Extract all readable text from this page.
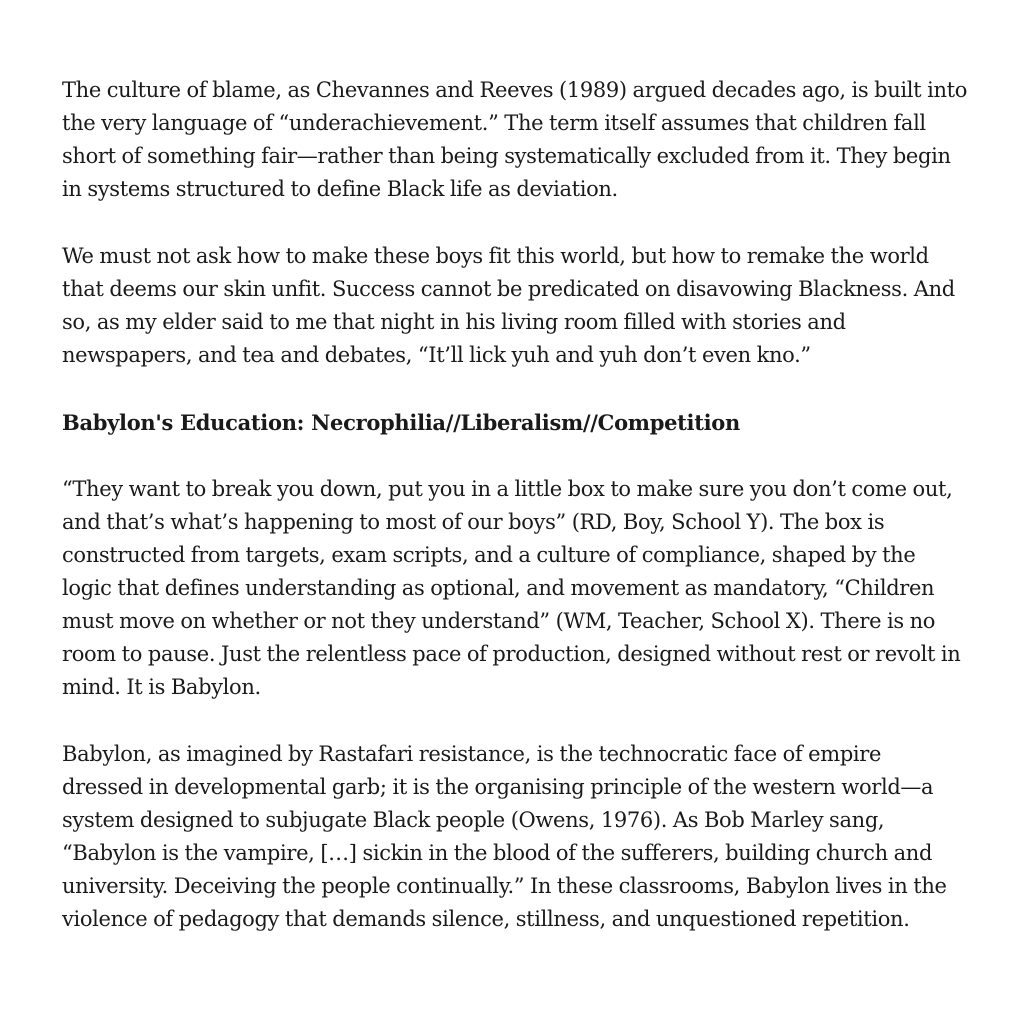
The culture of blame, as Chevannes and Reeves (1989) argued decades ago, is built into the very language of “underachievement.” The term itself assumes that children fall short of something fair—rather than being systematically excluded from it. They begin in systems structured to define Black life as deviation.

We must not ask how to make these boys fit this world, but how to remake the world that deems our skin unfit. Success cannot be predicated on disavowing Blackness. And so, as my elder said to me that night in his living room filled with stories and newspapers, and tea and debates, “It’ll lick yuh and yuh don’t even kno.”

Babylon's Education: Necrophilia//Liberalism//Competition

“They want to break you down, put you in a little box to make sure you don’t come out, and that’s what’s happening to most of our boys” (RD, Boy, School Y). The box is constructed from targets, exam scripts, and a culture of compliance, shaped by the logic that defines understanding as optional, and movement as mandatory, “Children must move on whether or not they understand” (WM, Teacher, School X). There is no room to pause. Just the relentless pace of production, designed without rest or revolt in mind. It is Babylon.

Babylon, as imagined by Rastafari resistance, is the technocratic face of empire dressed in developmental garb; it is the organising principle of the western world—a system designed to subjugate Black people (Owens, 1976). As Bob Marley sang, “Babylon is the vampire, […] sickin in the blood of the sufferers, building church and university. Deceiving the people continually.” In these classrooms, Babylon lives in the violence of pedagogy that demands silence, stillness, and unquestioned repetition.
